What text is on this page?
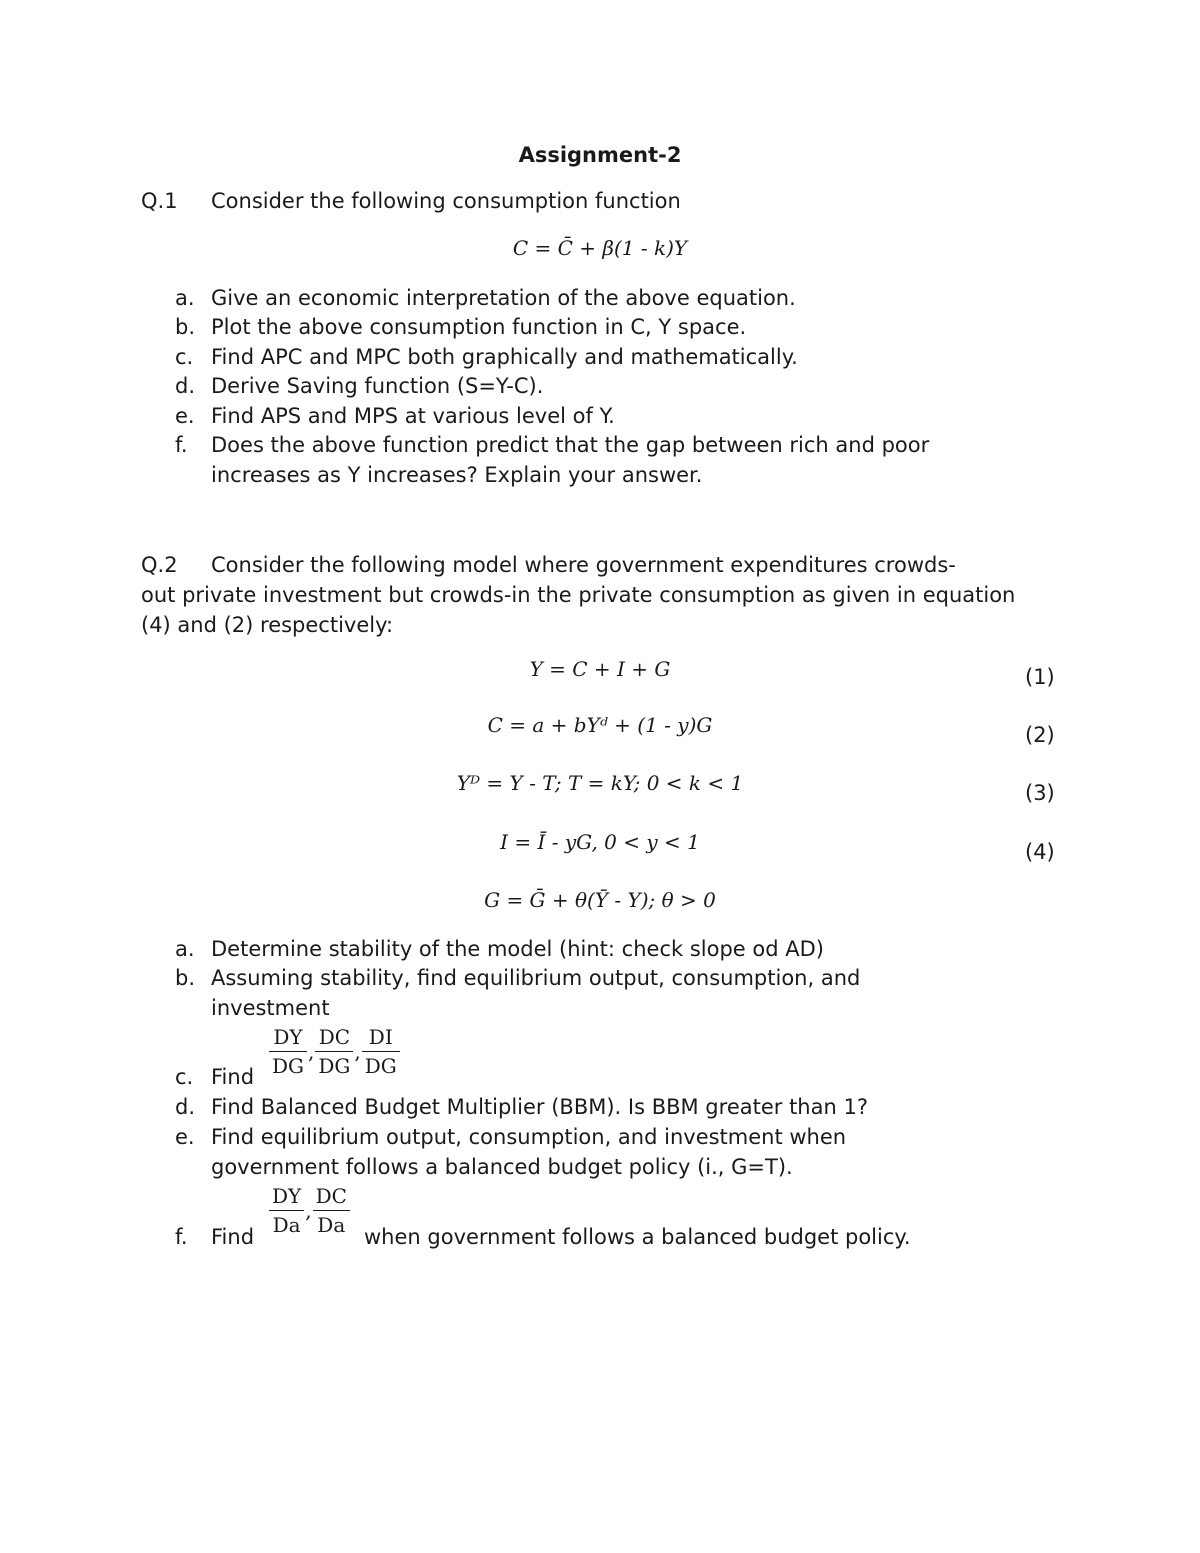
Assignment-2
Q.1 Consider the following consumption function
C = C̄ + β(1 - k)Y
a. Give an economic interpretation of the above equation.
b. Plot the above consumption function in C, Y space.
c. Find APC and MPC both graphically and mathematically.
d. Derive Saving function (S=Y-C).
e. Find APS and MPS at various level of Y.
f. Does the above function predict that the gap between rich and poor increases as Y increases? Explain your answer.
Q.2 Consider the following model where government expenditures crowds-
out private investment but crowds-in the private consumption as given in equation (4) and (2) respectively:
Y = C + I + G	(1)
C = a + bYᵈ + (1 - y)G	(2)
Yᴰ = Y - T; T = kY; 0 < k < 1	(3)
I = Ī - yG, 0 < y < 1	(4)
G = Ḡ + θ(Ȳ - Y); θ > 0
a. Determine stability of the model (hint: check slope od AD)
b. Assuming stability, find equilibrium output, consumption, and investment
c. Find $\frac{DY}{DG}$ , $\frac{DC}{DG}$ , $\frac{DI}{DG}$
d. Find Balanced Budget Multiplier (BBM). Is BBM greater than 1?
e. Find equilibrium output, consumption, and investment when government follows a balanced budget policy (i., G=T).
f. Find $\frac{DY}{Da}$ , $\frac{DC}{Da}$ when government follows a balanced budget policy.
